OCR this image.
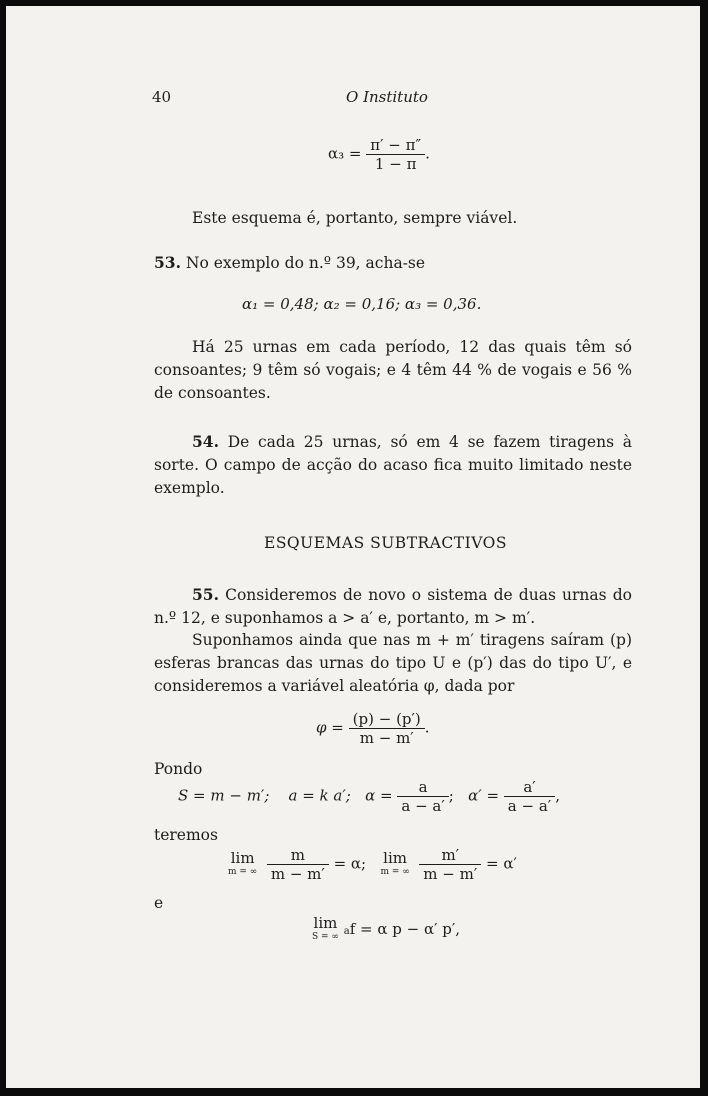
40	O Instituto
$\alpha_3 = \frac{\pi' - \pi''}{1 - \pi}$ .
Este esquema é, portanto, sempre viável.
53. No exemplo do n.º 39, acha-se
α₁ = 0,48; α₂ = 0,16; α₃ = 0,36.
Há 25 urnas em cada período, 12 das quais têm só consoantes; 9 têm só vogais; e 4 têm 44 % de vogais e 56 % de consoantes.
54. De cada 25 urnas, só em 4 se fazem tiragens à sorte. O campo de acção do acaso fica muito limitado neste exemplo.
ESQUEMAS SUBTRACTIVOS
55. Consideremos de novo o sistema de duas urnas do n.º 12, e suponhamos a > a′ e, portanto, m > m′.
Suponhamos ainda que nas m + m′ tiragens saíram (p) esferas brancas das urnas do tipo U e (p′) das do tipo U′, e consideremos a variável aleatória φ, dada por
$\varphi = \frac{(p) - (p')}{m - m'}$ .
Pondo
S = m − m′; a = k a′; $\alpha = \frac{a}{a - a'}$ ; $\alpha' = \frac{a'}{a - a'}$ ,
teremos
lim
m = ∞
$\frac{m}{m - m'} = \alpha$; lim
m = ∞
$\frac{m'}{m - m'} = \alpha'$
e
lim
S = ∞ af = α p − α′ p′,
